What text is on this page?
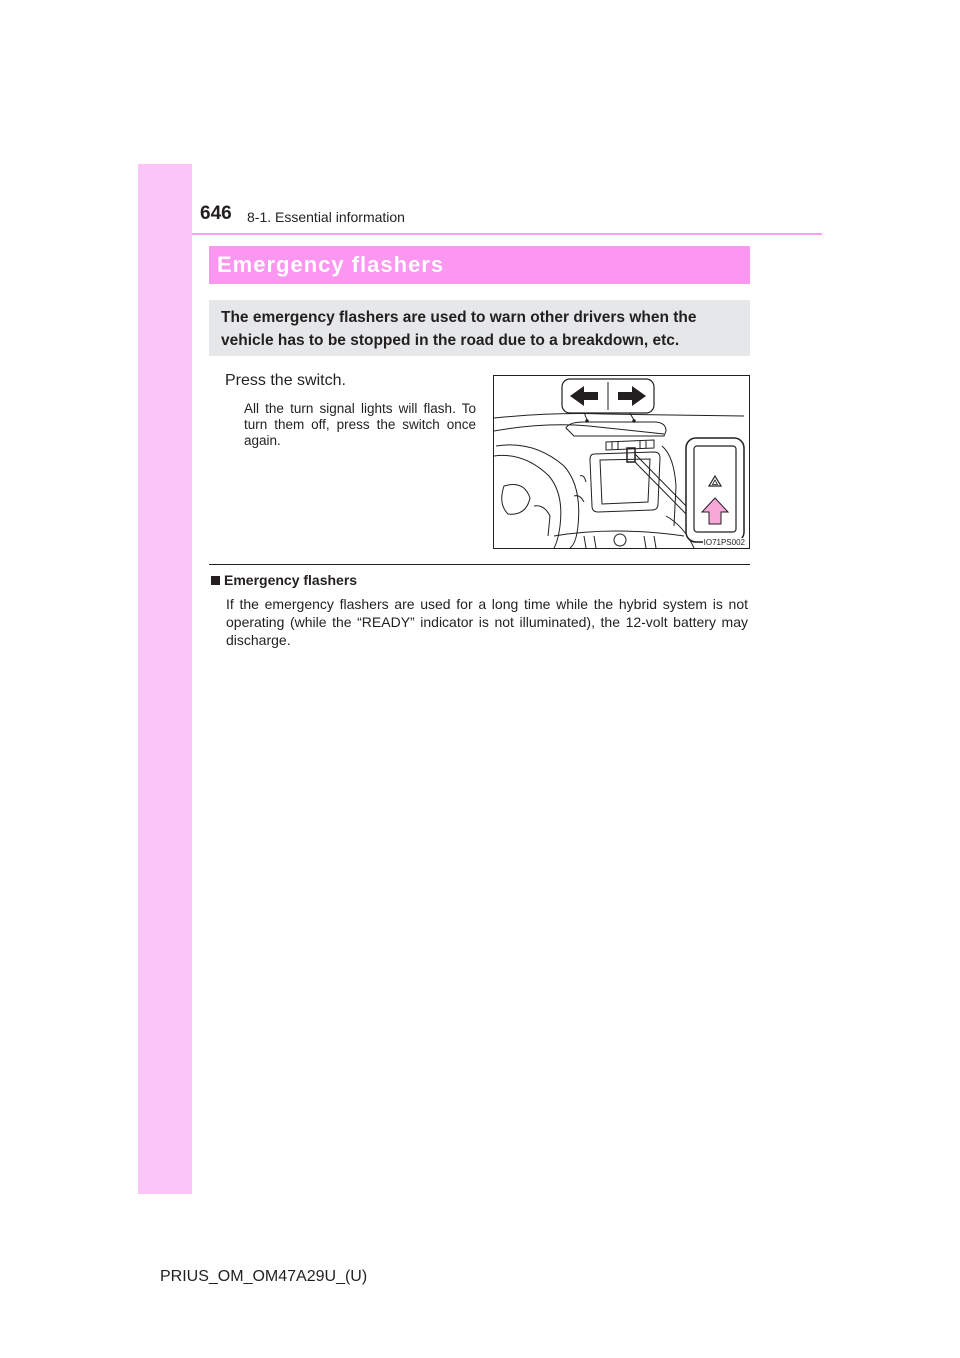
646 8-1. Essential information
Emergency flashers
The emergency flashers are used to warn other drivers when the vehicle has to be stopped in the road due to a breakdown, etc.
Press the switch.
All the turn signal lights will flash. To turn them off, press the switch once again.
IO71PS002
Emergency flashers
If the emergency flashers are used for a long time while the hybrid system is not operating (while the “READY” indicator is not illuminated), the 12-volt battery may discharge.
PRIUS_OM_OM47A29U_(U)
